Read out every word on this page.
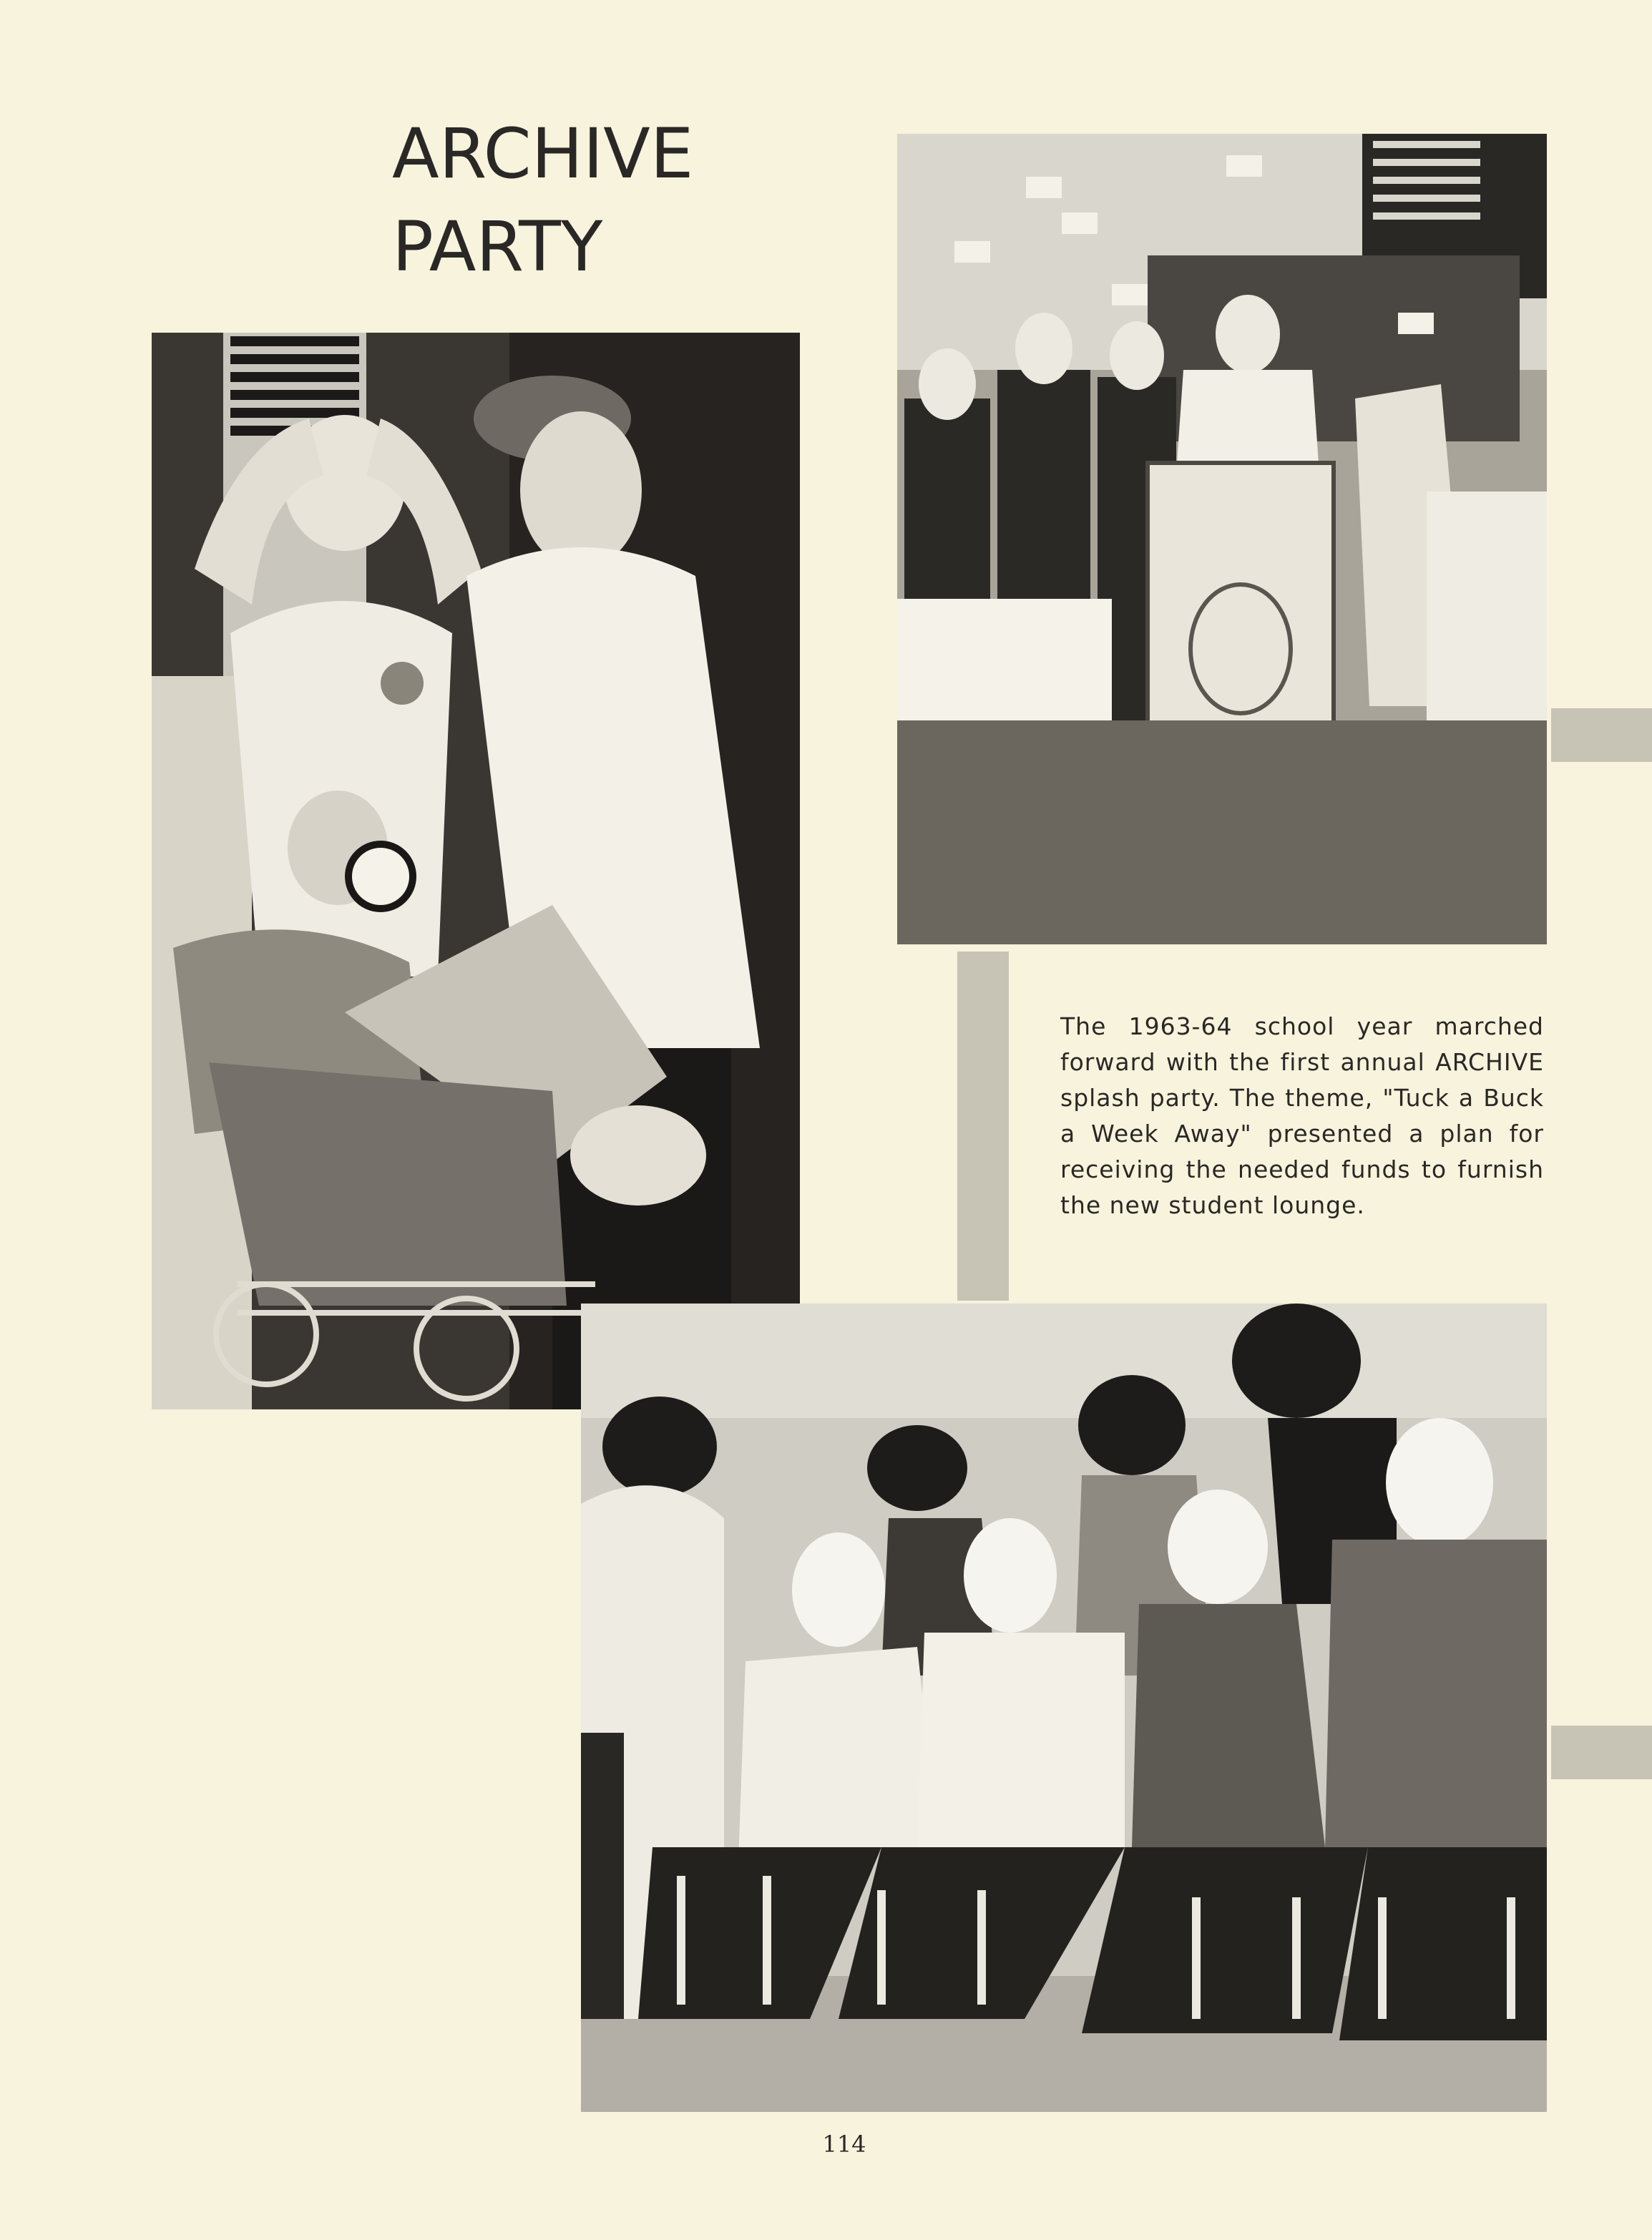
ARCHIVE
PARTY
The 1963-64 school year marched forward with the first annual ARCHIVE splash party. The theme, "Tuck a Buck a Week Away" presented a plan for receiving the needed funds to furnish the new student lounge.
114
